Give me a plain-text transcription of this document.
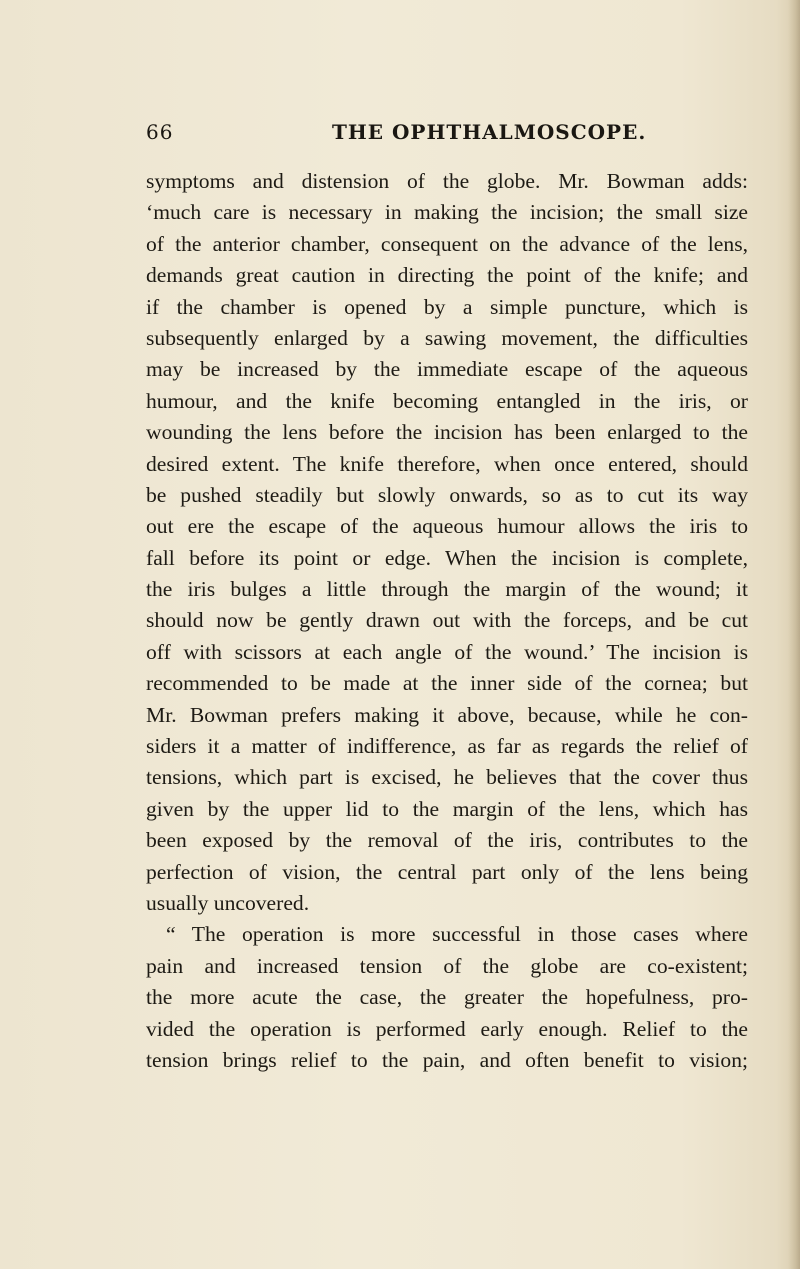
66	THE OPHTHALMOSCOPE.
symptoms and distension of the globe. Mr. Bowman adds:
‘much care is necessary in making the incision; the small size
of the anterior chamber, consequent on the advance of the lens,
demands great caution in directing the point of the knife; and
if the chamber is opened by a simple puncture, which is
subsequently enlarged by a sawing movement, the difficulties
may be increased by the immediate escape of the aqueous
humour, and the knife becoming entangled in the iris, or
wounding the lens before the incision has been enlarged to the
desired extent. The knife therefore, when once entered, should
be pushed steadily but slowly onwards, so as to cut its way
out ere the escape of the aqueous humour allows the iris to
fall before its point or edge. When the incision is complete,
the iris bulges a little through the margin of the wound; it
should now be gently drawn out with the forceps, and be cut
off with scissors at each angle of the wound.’ The incision is
recommended to be made at the inner side of the cornea; but
Mr. Bowman prefers making it above, because, while he con-
siders it a matter of indifference, as far as regards the relief of
tensions, which part is excised, he believes that the cover thus
given by the upper lid to the margin of the lens, which has
been exposed by the removal of the iris, contributes to the
perfection of vision, the central part only of the lens being
usually uncovered.
“ The operation is more successful in those cases where
pain and increased tension of the globe are co-existent;
the more acute the case, the greater the hopefulness, pro-
vided the operation is performed early enough. Relief to the
tension brings relief to the pain, and often benefit to vision;
